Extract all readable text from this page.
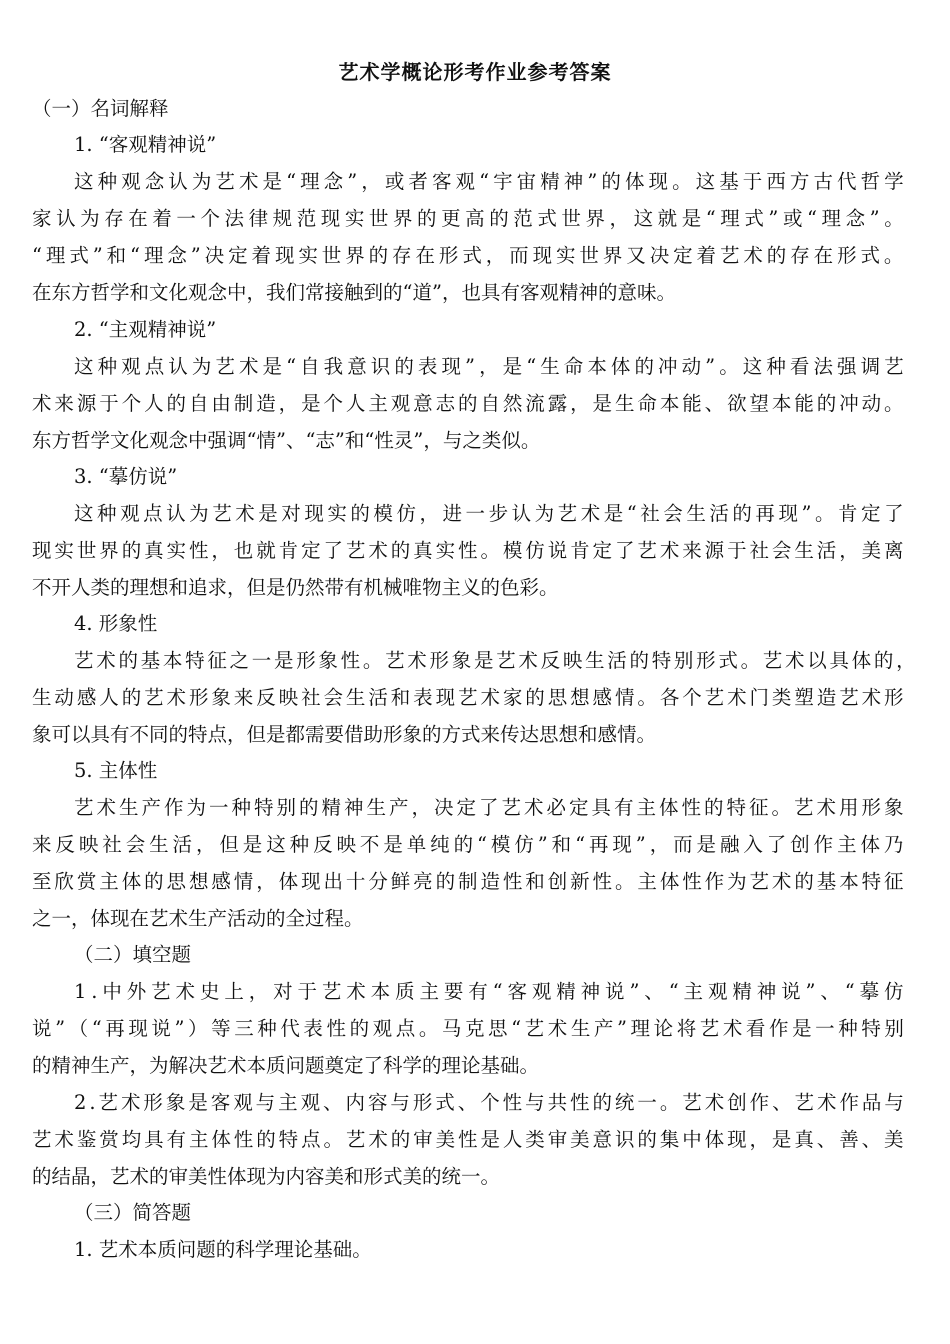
艺术学概论形考作业参考答案
（一）名词解释
1. “客观精神说”
这 种 观 念 认 为 艺 术 是 “ 理 念 ” ， 或 者 客 观 “ 宇 宙 精 神 ” 的 体 现 。 这 基 于 西 方 古 代 哲 学
家 认 为 存 在 着 一 个 法 律 规 范 现 实 世 界 的 更 高 的 范 式 世 界 ， 这 就 是 “ 理 式 ” 或 “ 理 念 ” 。
“ 理 式 ” 和 “ 理 念 ” 决 定 着 现 实 世 界 的 存 在 形 式 ， 而 现 实 世 界 又 决 定 着 艺 术 的 存 在 形 式 。
在东方哲学和文化观念中，我们常接触到的“道”，也具有客观精神的意味。
2. “主观精神说”
这 种 观 点 认 为 艺 术 是 “ 自 我 意 识 的 表 现 ” ， 是 “ 生 命 本 体 的 冲 动 ” 。 这 种 看 法 强 调 艺
术 来 源 于 个 人 的 自 由 制 造 ， 是 个 人 主 观 意 志 的 自 然 流 露 ， 是 生 命 本 能 、 欲 望 本 能 的 冲 动 。
东方哲学文化观念中强调“情”、“志”和“性灵”，与之类似。
3. “摹仿说”
这 种 观 点 认 为 艺 术 是 对 现 实 的 模 仿 ， 进 一 步 认 为 艺 术 是 “ 社 会 生 活 的 再 现 ” 。 肯 定 了
现 实 世 界 的 真 实 性 ， 也 就 肯 定 了 艺 术 的 真 实 性 。 模 仿 说 肯 定 了 艺 术 来 源 于 社 会 生 活 ， 美 离
不开人类的理想和追求，但是仍然带有机械唯物主义的色彩。
4. 形象性
艺 术 的 基 本 特 征 之 一 是 形 象 性 。 艺 术 形 象 是 艺 术 反 映 生 活 的 特 别 形 式 。 艺 术 以 具 体 的 ，
生 动 感 人 的 艺 术 形 象 来 反 映 社 会 生 活 和 表 现 艺 术 家 的 思 想 感 情 。 各 个 艺 术 门 类 塑 造 艺 术 形
象可以具有不同的特点，但是都需要借助形象的方式来传达思想和感情。
5. 主体性
艺 术 生 产 作 为 一 种 特 别 的 精 神 生 产 ， 决 定 了 艺 术 必 定 具 有 主 体 性 的 特 征 。 艺 术 用 形 象
来 反 映 社 会 生 活 ， 但 是 这 种 反 映 不 是 单 纯 的 “ 模 仿 ” 和 “ 再 现 ” ， 而 是 融 入 了 创 作 主 体 乃
至 欣 赏 主 体 的 思 想 感 情 ， 体 现 出 十 分 鲜 亮 的 制 造 性 和 创 新 性 。 主 体 性 作 为 艺 术 的 基 本 特 征
之一，体现在艺术生产活动的全过程。
（二）填空题
1 . 中 外 艺 术 史 上 ， 对 于 艺 术 本 质 主 要 有 “ 客 观 精 神 说 ” 、 “ 主 观 精 神 说 ” 、 “ 摹 仿
说 ” （ “ 再 现 说 ” ） 等 三 种 代 表 性 的 观 点 。 马 克 思 “ 艺 术 生 产 ” 理 论 将 艺 术 看 作 是 一 种 特 别
的精神生产，为解决艺术本质问题奠定了科学的理论基础。
2 . 艺 术 形 象 是 客 观 与 主 观 、 内 容 与 形 式 、 个 性 与 共 性 的 统 一 。 艺 术 创 作 、 艺 术 作 品 与
艺 术 鉴 赏 均 具 有 主 体 性 的 特 点 。 艺 术 的 审 美 性 是 人 类 审 美 意 识 的 集 中 体 现 ， 是 真 、 善 、 美
的结晶，艺术的审美性体现为内容美和形式美的统一。
（三）简答题
1. 艺术本质问题的科学理论基础。
